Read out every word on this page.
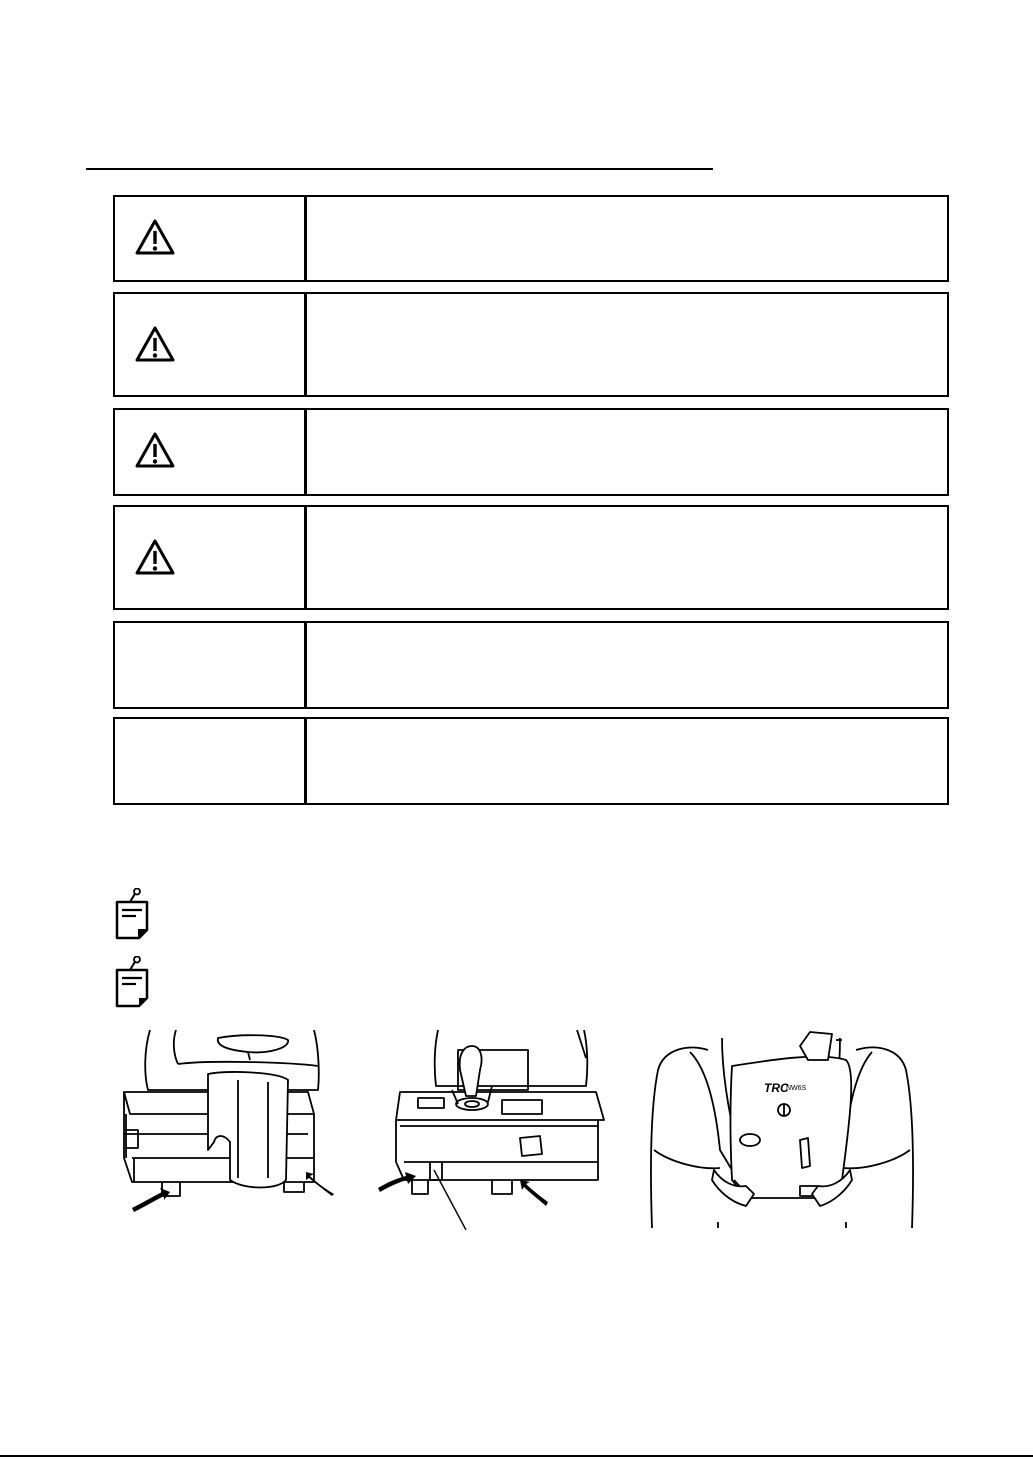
TRC
NW6S
